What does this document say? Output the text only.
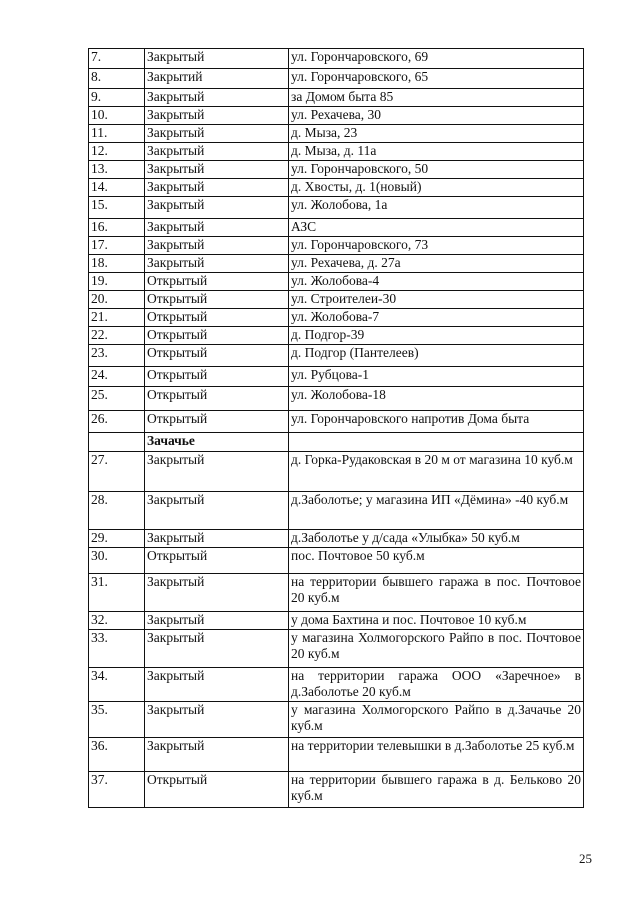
7.	Закрытый	ул. Горончаровского, 69
8.	Закрытий	ул. Горончаровского, 65
9.	Закрытый	за Домом быта 85
10.	Закрытый	ул. Рехачева, 30
11.	Закрытый	д. Мыза, 23
12.	Закрытый	д. Мыза, д. 11а
13.	Закрытый	ул. Горончаровского, 50
14.	Закрытый	д. Хвосты, д. 1(новый)
15.	Закрытый	ул. Жолобова, 1а
16.	Закрытый	АЗС
17.	Закрытый	ул. Горончаровского, 73
18.	Закрытый	ул. Рехачева, д. 27а
19.	Открытый	ул. Жолобова-4
20.	Открытый	ул. Строителеи-30
21.	Открытый	ул. Жолобова-7
22.	Открытый	д. Подгор-39
23.	Открытый	д. Подгор (Пантелеев)
24.	Открытый	ул. Рубцова-1
25.	Открытый	ул. Жолобова-18
26.	Открытый	ул. Горончаровского напротив Дома быта
	Зачачье	
27.	Закрытый	д. Горка-Рудаковская в 20 м от магазина 10 куб.м
28.	Закрытый	д.Заболотье; у магазина ИП «Дёмина» -40 куб.м
29.	Закрытый	д.Заболотье у д/сада «Улыбка» 50 куб.м
30.	Открытый	пос. Почтовое 50 куб.м
31.	Закрытый	на территории бывшего гаража в пос. Почтовое 20 куб.м
32.	Закрытый	у дома Бахтина и пос. Почтовое 10 куб.м
33.	Закрытый	у магазина Холмогорского Райпо в пос. Почтовое 20 куб.м
34.	Закрытый	на территории гаража ООО «Заречное» в д.Заболотье 20 куб.м
35.	Закрытый	у магазина Холмогорского Райпо в д.Зачачье 20 куб.м
36.	Закрытый	на территории телевышки в д.Заболотье 25 куб.м
37.	Открытый	на территории бывшего гаража в д. Бельково 20 куб.м
25
